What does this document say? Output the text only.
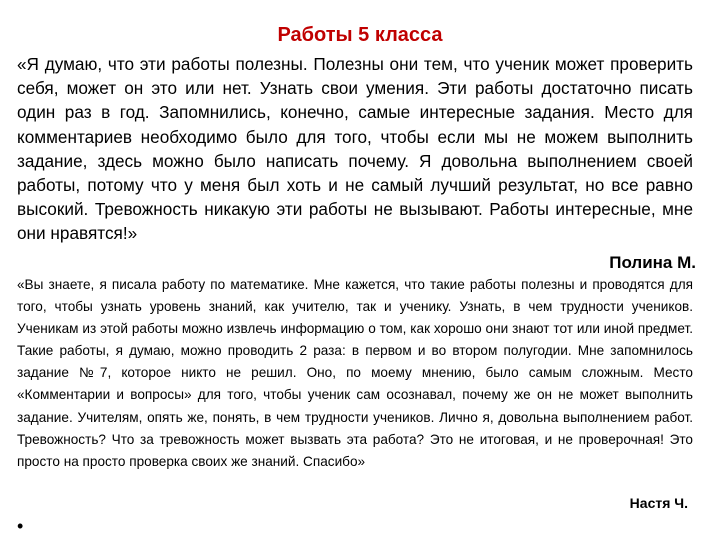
Работы 5 класса
«Я думаю, что эти работы полезны. Полезны они тем, что ученик может проверить себя, может он это или нет. Узнать свои умения. Эти работы достаточно писать один раз в год. Запомнились, конечно, самые интересные задания. Место для комментариев необходимо было для того, чтобы если мы не можем выполнить задание, здесь можно было написать почему. Я довольна выполнением своей работы, потому что у меня был хоть и не самый лучший результат, но все равно высокий. Тревожность никакую эти работы не вызывают. Работы интересные, мне они нравятся!»
Полина М.
«Вы знаете, я писала работу по математике. Мне кажется, что такие работы полезны и проводятся для того, чтобы узнать уровень знаний, как учителю, так и ученику. Узнать, в чем трудности учеников. Ученикам из этой работы можно извлечь информацию о том, как хорошо они знают тот или иной предмет. Такие работы, я думаю, можно проводить 2 раза: в первом и во втором полугодии. Мне запомнилось задание №7, которое никто не решил. Оно, по моему мнению, было самым сложным. Место «Комментарии и вопросы» для того, чтобы ученик сам осознавал, почему же он не может выполнить задание. Учителям, опять же, понять, в чем трудности учеников. Лично я, довольна выполнением работ. Тревожность? Что за тревожность может вызвать эта работа? Это не итоговая, и не проверочная! Это просто на просто проверка своих же знаний. Спасибо»
Настя Ч.
•
